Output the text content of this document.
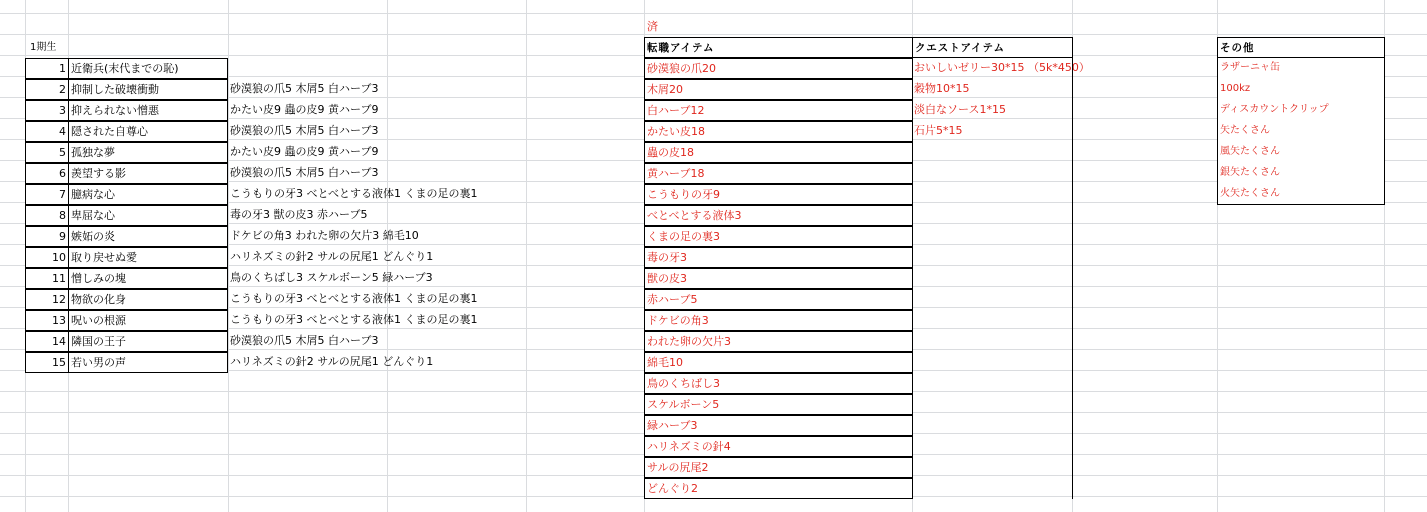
済
1期生
1 近衛兵(末代までの恥)
2 抑制した破壊衝動	砂漠狼の爪5 木屑5 白ハーブ3
3 抑えられない憎悪	かたい皮9 蟲の皮9 黄ハーブ9
4 隠された自尊心	砂漠狼の爪5 木屑5 白ハーブ3
5 孤独な夢	かたい皮9 蟲の皮9 黄ハーブ9
6 羨望する影	砂漠狼の爪5 木屑5 白ハーブ3
7 臆病な心	こうもりの牙3 べとべとする液体1 くまの足の裏1
8 卑屈な心	毒の牙3 獣の皮3 赤ハーブ5
9 嫉妬の炎	ドケビの角3 われた卵の欠片3 綿毛10
10 取り戻せぬ愛	ハリネズミの針2 サルの尻尾1 どんぐり1
11 憎しみの塊	鳥のくちばし3 スケルボーン5 緑ハーブ3
12 物欲の化身	こうもりの牙3 べとべとする液体1 くまの足の裏1
13 呪いの根源	こうもりの牙3 べとべとする液体1 くまの足の裏1
14 隣国の王子	砂漠狼の爪5 木屑5 白ハーブ3
15 若い男の声	ハリネズミの針2 サルの尻尾1 どんぐり1
転職アイテム
砂漠狼の爪20
木屑20
白ハーブ12
かたい皮18
蟲の皮18
黄ハーブ18
こうもりの牙9
べとべとする液体3
くまの足の裏3
毒の牙3
獣の皮3
赤ハーブ5
ドケビの角3
われた卵の欠片3
綿毛10
鳥のくちばし3
スケルボーン5
緑ハーブ3
ハリネズミの針4
サルの尻尾2
どんぐり2
クエストアイテム
おいしいゼリー30*15 （5k*450）
穀物10*15
淡白なソース1*15
石片5*15
その他
ラザーニャ缶
100kz
ディスカウントクリップ
矢たくさん
風矢たくさん
銀矢たくさん
火矢たくさん
